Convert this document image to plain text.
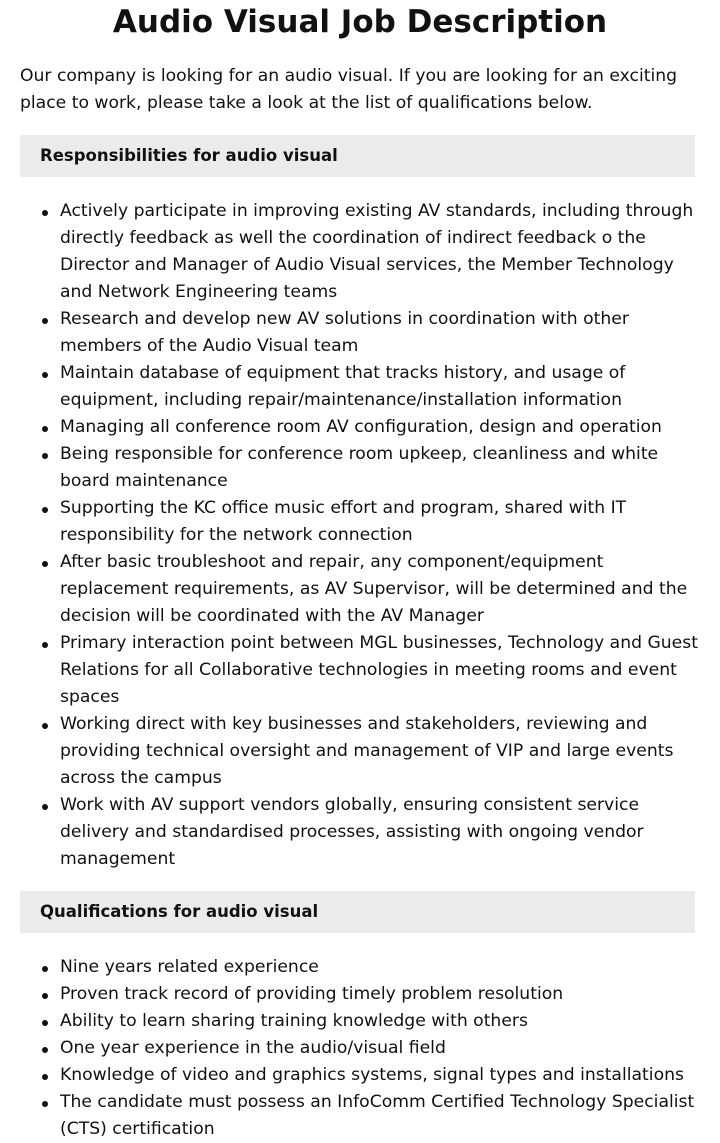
Audio Visual Job Description

Our company is looking for an audio visual. If you are looking for an exciting place to work, please take a look at the list of qualifications below.

Responsibilities for audio visual
Actively participate in improving existing AV standards, including through directly feedback as well the coordination of indirect feedback o the Director and Manager of Audio Visual services, the Member Technology and Network Engineering teams
Research and develop new AV solutions in coordination with other members of the Audio Visual team
Maintain database of equipment that tracks history, and usage of equipment, including repair/maintenance/installation information
Managing all conference room AV configuration, design and operation
Being responsible for conference room upkeep, cleanliness and white board maintenance
Supporting the KC office music effort and program, shared with IT responsibility for the network connection
After basic troubleshoot and repair, any component/equipment replacement requirements, as AV Supervisor, will be determined and the decision will be coordinated with the AV Manager
Primary interaction point between MGL businesses, Technology and Guest Relations for all Collaborative technologies in meeting rooms and event spaces
Working direct with key businesses and stakeholders, reviewing and providing technical oversight and management of VIP and large events across the campus
Work with AV support vendors globally, ensuring consistent service delivery and standardised processes, assisting with ongoing vendor management
Qualifications for audio visual
Nine years related experience
Proven track record of providing timely problem resolution
Ability to learn sharing training knowledge with others
One year experience in the audio/visual field
Knowledge of video and graphics systems, signal types and installations
The candidate must possess an InfoComm Certified Technology Specialist (CTS) certification
